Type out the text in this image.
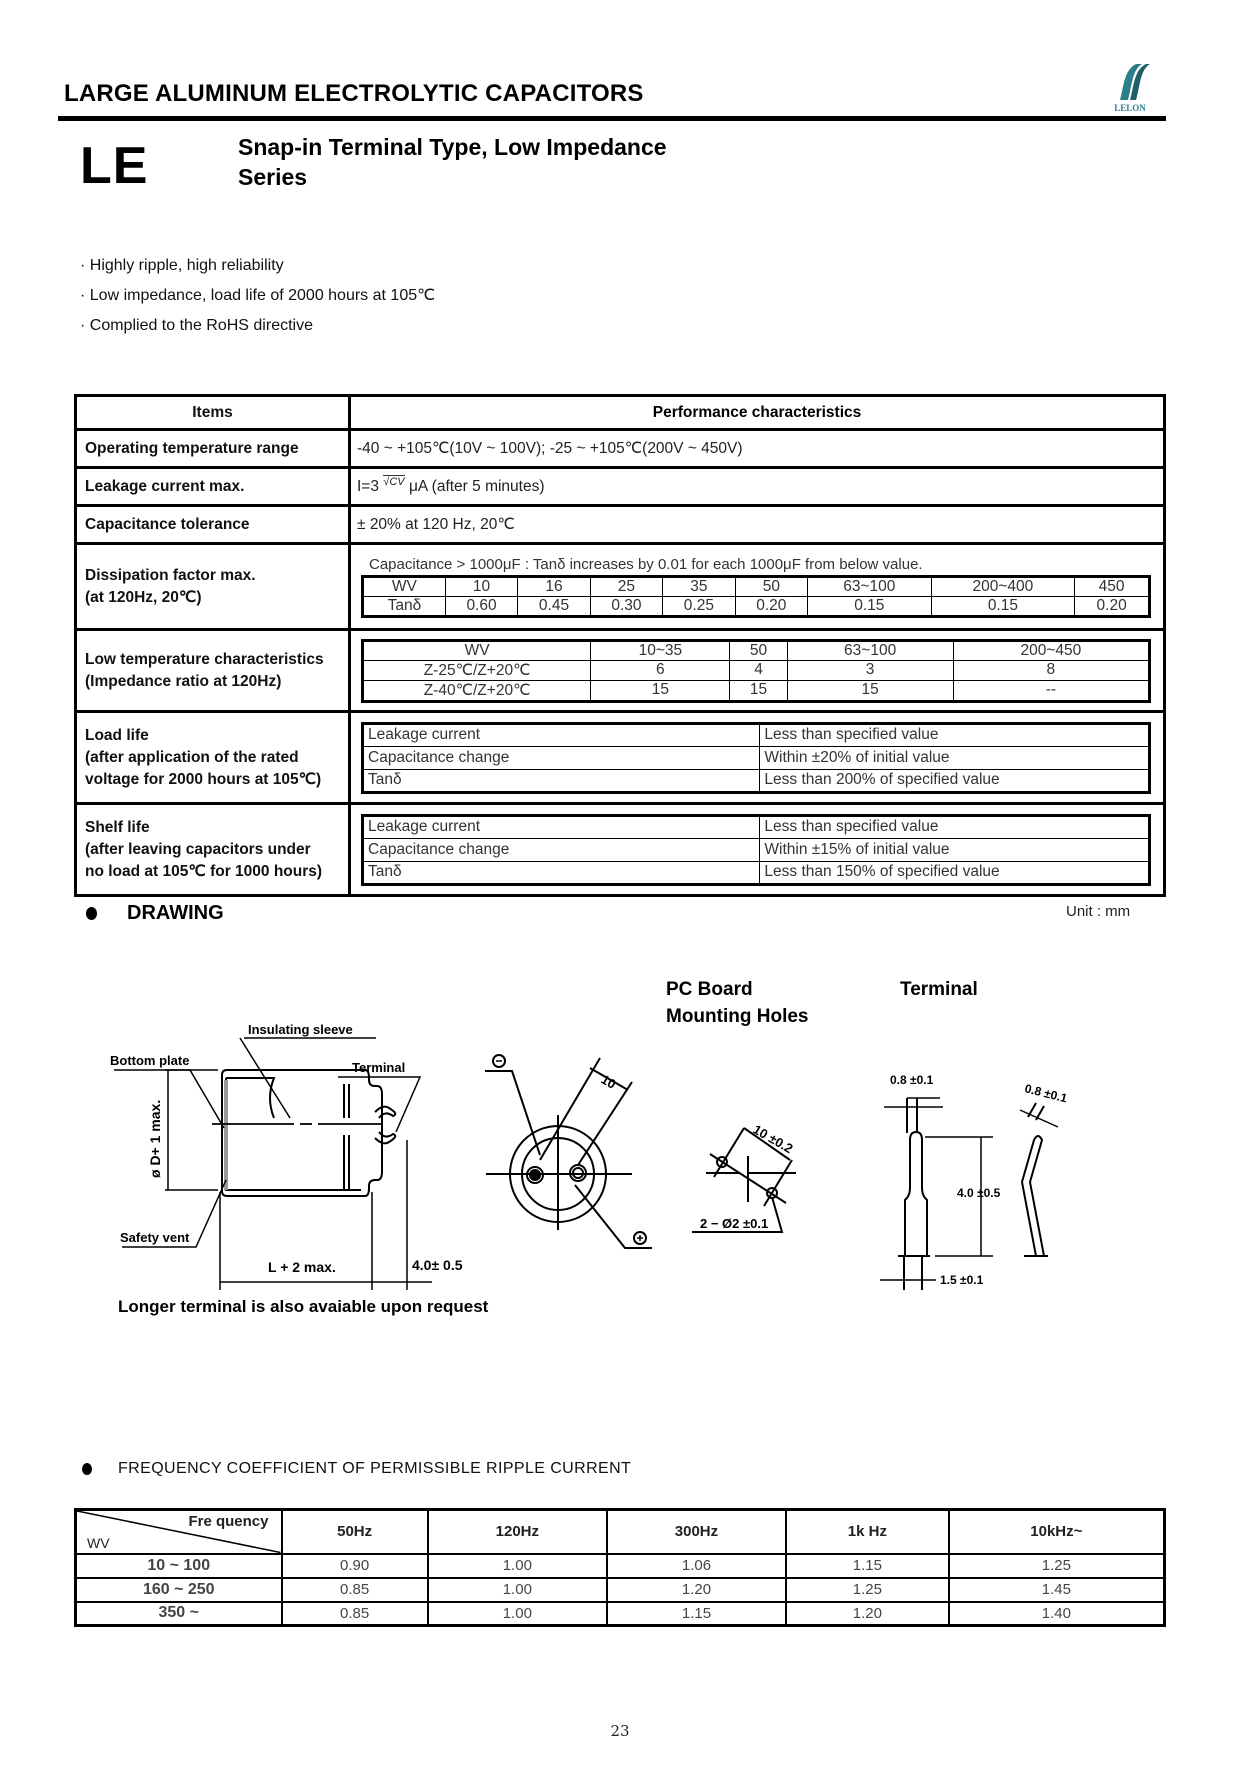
LARGE ALUMINUM ELECTROLYTIC CAPACITORS
LELON
LE	Snap-in Terminal Type, Low Impedance
Series
· Highly ripple, high reliability
· Low impedance, load life of 2000 hours at 105℃
· Complied to the RoHS directive
Items	Performance characteristics
Operating temperature range	-40 ~ +105℃(10V ~ 100V); -25 ~ +105℃(200V ~ 450V)
Leakage current max.	I=3 $^{√CV}$ μA (after 5 minutes)
Capacitance tolerance	± 20% at 120 Hz, 20℃

Dissipation factor max.
(at 120Hz, 20℃)

Capacitance > 1000μF : Tanδ increases by 0.01 for each 1000μF from below value.
WV	10	16	25	35	50	63~100	200~400	450
Tanδ	0.60	0.45	0.30	0.25	0.20	0.15	0.15	0.20

Low temperature characteristics
(Impedance ratio at 120Hz)

WV	10~35	50	63~100	200~450
Z-25℃/Z+20℃	6	4	3	8
Z-40℃/Z+20℃	15	15	15	--

Load life
(after application of the rated
voltage for 2000 hours at 105℃)

Leakage current	Less than specified value
Capacitance change	Within ±20% of initial value
Tanδ	Less than 200% of specified value

Shelf life
(after leaving capacitors under
no load at 105℃ for 1000 hours)

Leakage current	Less than specified value
Capacitance change	Within ±15% of initial value
Tanδ	Less than 150% of specified value
DRAWING	Unit : mm
Insulating sleeve
Bottom plate	Terminal
Safety vent
ø D+ 1 max.
L + 2 max.	4.0± 0.5
Longer terminal is also avaiable upon request
10
PC Board
Mounting Holes
10 ±0.2
2 − Ø2 ±0.1
Terminal
0.8 ±0.1
0.8 ±0.1
4.0 ±0.5
1.5 ±0.1
FREQUENCY COEFFICIENT OF PERMISSIBLE RIPPLE CURRENT
Fre quency
WV	50Hz	120Hz	300Hz	1k Hz	10kHz~
10 ~ 100	0.90	1.00	1.06	1.15	1.25
160 ~ 250	0.85	1.00	1.20	1.25	1.45
350 ~	0.85	1.00	1.15	1.20	1.40
23
